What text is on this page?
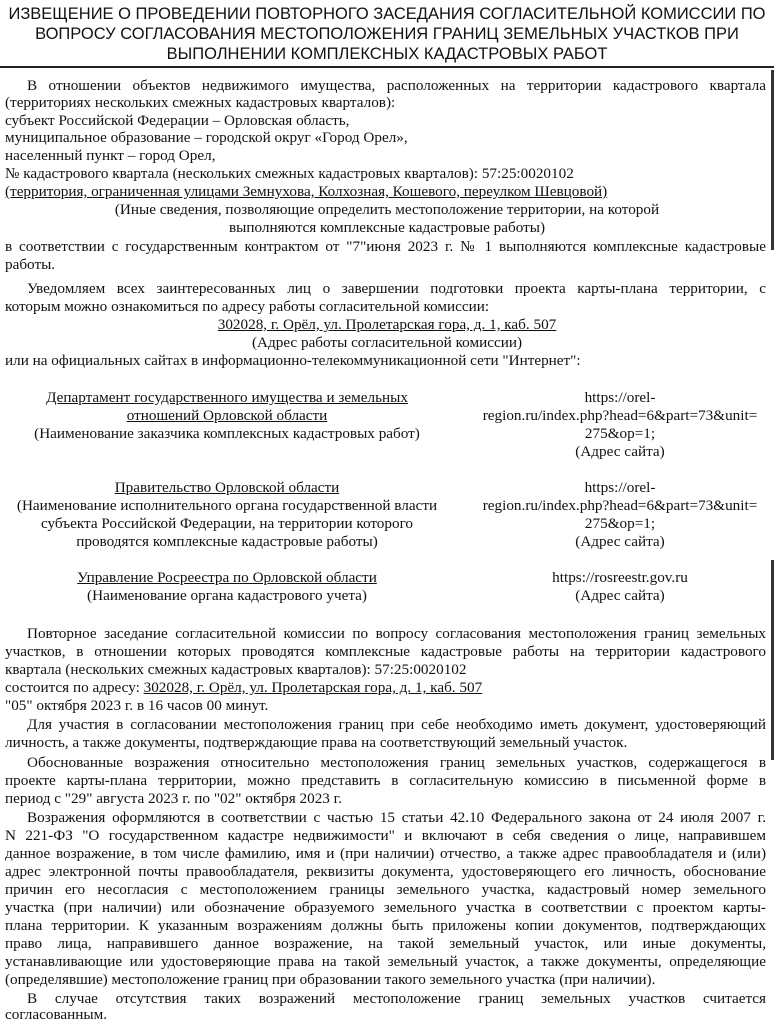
ИЗВЕЩЕНИЕ О ПРОВЕДЕНИИ ПОВТОРНОГО ЗАСЕДАНИЯ СОГЛАСИТЕЛЬНОЙ КОМИССИИ ПО
ВОПРОСУ СОГЛАСОВАНИЯ МЕСТОПОЛОЖЕНИЯ ГРАНИЦ ЗЕМЕЛЬНЫХ УЧАСТКОВ ПРИ
ВЫПОЛНЕНИИ КОМПЛЕКСНЫХ КАДАСТРОВЫХ РАБОТ
В отношении объектов недвижимого имущества, расположенных на территории кадастрового квартала
(территориях нескольких смежных кадастровых кварталов):
субъект Российской Федерации – Орловская область,
муниципальное образование – городской округ «Город Орел»,
населенный пункт – город Орел,
№ кадастрового квартала (нескольких смежных кадастровых кварталов): 57:25:0020102
(территория, ограниченная улицами Земнухова, Колхозная, Кошевого, переулком Шевцовой)
(Иные сведения, позволяющие определить местоположение территории, на которой
выполняются комплексные кадастровые работы)
в соответствии с государственным контрактом от "7"июня 2023 г. № 1 выполняются комплексные кадастровые
работы.
Уведомляем всех заинтересованных лиц о завершении подготовки проекта карты-плана территории, с
которым можно ознакомиться по адресу работы согласительной комиссии:
302028, г. Орёл, ул. Пролетарская гора, д. 1, каб. 507
(Адрес работы согласительной комиссии)
или на официальных сайтах в информационно-телекоммуникационной сети "Интернет":
Департамент государственного имущества и земельных
отношений Орловской области
(Наименование заказчика комплексных кадастровых работ)
https://orel-
region.ru/index.php?head=6&part=73&unit=
275&op=1;
(Адрес сайта)
Правительство Орловской области
(Наименование исполнительного органа государственной власти
субъекта Российской Федерации, на территории которого
проводятся комплексные кадастровые работы)
https://orel-
region.ru/index.php?head=6&part=73&unit=
275&op=1;
(Адрес сайта)
Управление Росреестра по Орловской области
(Наименование органа кадастрового учета)
https://rosreestr.gov.ru
(Адрес сайта)
Повторное заседание согласительной комиссии по вопросу согласования местоположения границ земельных
участков, в отношении которых проводятся комплексные кадастровые работы на территории кадастрового
квартала (нескольких смежных кадастровых кварталов): 57:25:0020102
состоится по адресу: 302028, г. Орёл, ул. Пролетарская гора, д. 1, каб. 507
"05" октября 2023 г. в 16 часов 00 минут.
Для участия в согласовании местоположения границ при себе необходимо иметь документ, удостоверяющий
личность, а также документы, подтверждающие права на соответствующий земельный участок.
Обоснованные возражения относительно местоположения границ земельных участков, содержащегося в
проекте карты-плана территории, можно представить в согласительную комиссию в письменной форме в
период с "29" августа 2023 г. по "02" октября 2023 г.
Возражения оформляются в соответствии с частью 15 статьи 42.10 Федерального закона от 24 июля 2007 г.
N 221-ФЗ "О государственном кадастре недвижимости" и включают в себя сведения о лице, направившем
данное возражение, в том числе фамилию, имя и (при наличии) отчество, а также адрес правообладателя и (или)
адрес электронной почты правообладателя, реквизиты документа, удостоверяющего его личность, обоснование
причин его несогласия с местоположением границы земельного участка, кадастровый номер земельного
участка (при наличии) или обозначение образуемого земельного участка в соответствии с проектом карты-
плана территории. К указанным возражениям должны быть приложены копии документов, подтверждающих
право лица, направившего данное возражение, на такой земельный участок, или иные документы,
устанавливающие или удостоверяющие права на такой земельный участок, а также документы, определяющие
(определявшие) местоположение границ при образовании такого земельного участка (при наличии).
В случае отсутствия таких возражений местоположение границ земельных участков считается
согласованным.
